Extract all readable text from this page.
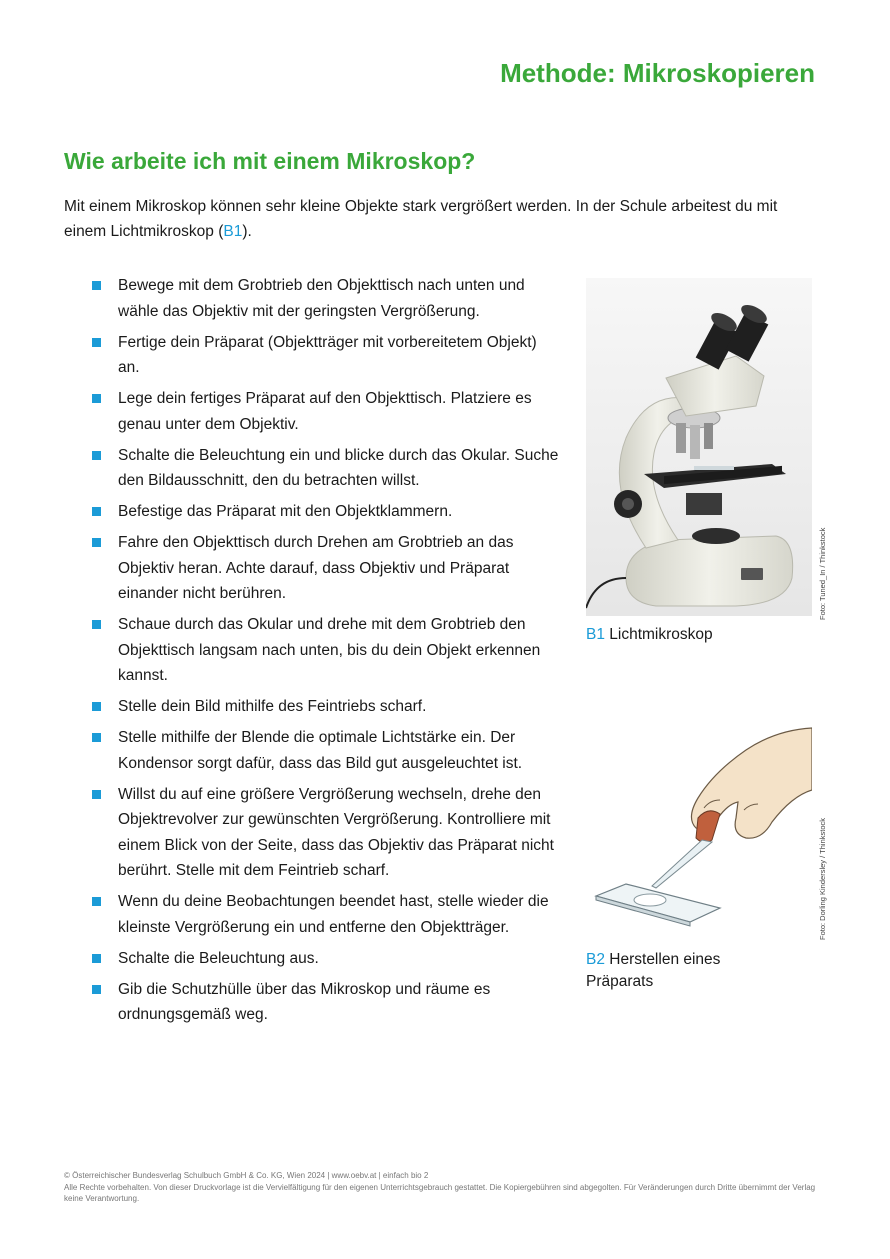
Methode: Mikroskopieren
Wie arbeite ich mit einem Mikroskop?
Mit einem Mikroskop können sehr kleine Objekte stark vergrößert werden. In der Schule arbeitest du mit einem Lichtmikroskop (B1).
Bewege mit dem Grobtrieb den Objekttisch nach unten und wähle das Objektiv mit der geringsten Vergrößerung.
Fertige dein Präparat (Objektträger mit vorbereitetem Objekt) an.
Lege dein fertiges Präparat auf den Objekttisch. Platziere es genau unter dem Objektiv.
Schalte die Beleuchtung ein und blicke durch das Okular. Suche den Bildausschnitt, den du betrachten willst.
Befestige das Präparat mit den Objektklammern.
Fahre den Objekttisch durch Drehen am Grobtrieb an das Objektiv heran. Achte darauf, dass Objektiv und Präparat einander nicht berühren.
Schaue durch das Okular und drehe mit dem Grobtrieb den Objekttisch langsam nach unten, bis du dein Objekt erkennen kannst.
Stelle dein Bild mithilfe des Feintriebs scharf.
Stelle mithilfe der Blende die optimale Lichtstärke ein. Der Kondensor sorgt dafür, dass das Bild gut ausgeleuchtet ist.
Willst du auf eine größere Vergrößerung wechseln, drehe den Objektrevolver zur gewünschten Vergrößerung. Kontrolliere mit einem Blick von der Seite, dass das Objektiv das Präparat nicht berührt. Stelle mit dem Feintrieb scharf.
Wenn du deine Beobachtungen beendet hast, stelle wieder die kleinste Vergrößerung ein und entferne den Objektträger.
Schalte die Beleuchtung aus.
Gib die Schutzhülle über das Mikroskop und räume es ordnungsgemäß weg.
Foto: Tuned_In / Thinkstock
B1 Lichtmikroskop
Foto: Dorling Kindersley / Thinkstock
B2 Herstellen eines Präparats
© Österreichischer Bundesverlag Schulbuch GmbH & Co. KG, Wien 2024 | www.oebv.at | einfach bio 2
Alle Rechte vorbehalten. Von dieser Druckvorlage ist die Vervielfältigung für den eigenen Unterrichtsgebrauch gestattet. Die Kopiergebühren sind abgegolten. Für Veränderungen durch Dritte übernimmt der Verlag keine Verantwortung.
